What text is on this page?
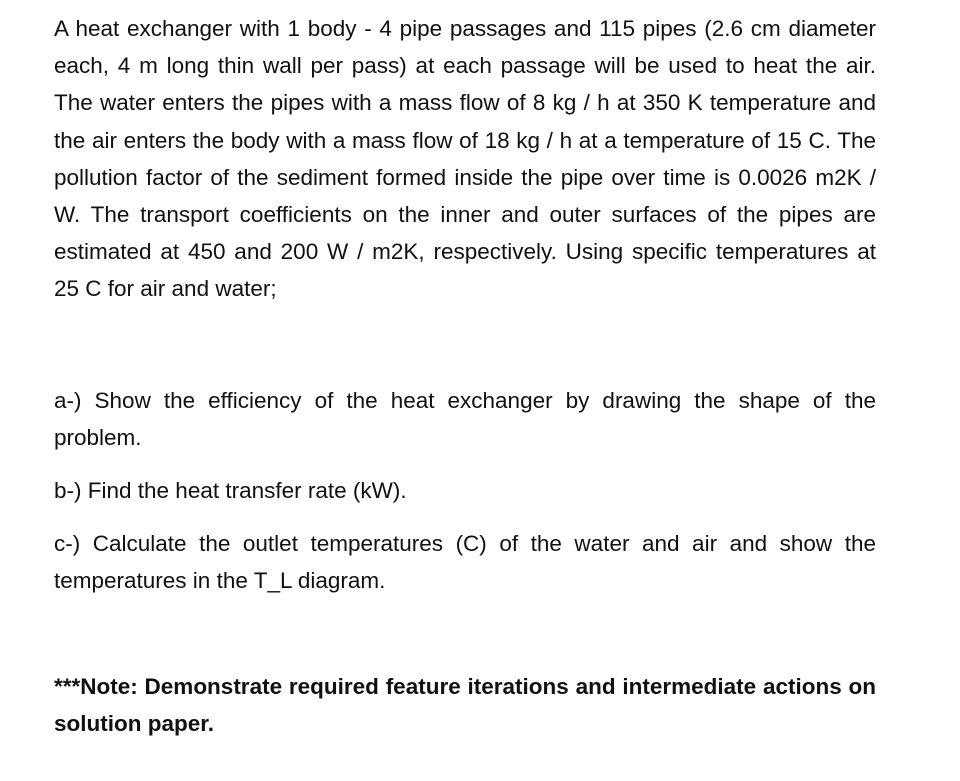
A heat exchanger with 1 body - 4 pipe passages and 115 pipes (2.6 cm diameter each, 4 m long thin wall per pass) at each passage will be used to heat the air. The water enters the pipes with a mass flow of 8 kg / h at 350 K temperature and the air enters the body with a mass flow of 18 kg / h at a temperature of 15 C. The pollution factor of the sediment formed inside the pipe over time is 0.0026 m2K / W. The transport coefficients on the inner and outer surfaces of the pipes are estimated at 450 and 200 W / m2K, respectively. Using specific temperatures at 25 C for air and water;

a-) Show the efficiency of the heat exchanger by drawing the shape of the problem.

b-) Find the heat transfer rate (kW).

c-) Calculate the outlet temperatures (C) of the water and air and show the temperatures in the T_L diagram.

***Note: Demonstrate required feature iterations and intermediate actions on solution paper.
